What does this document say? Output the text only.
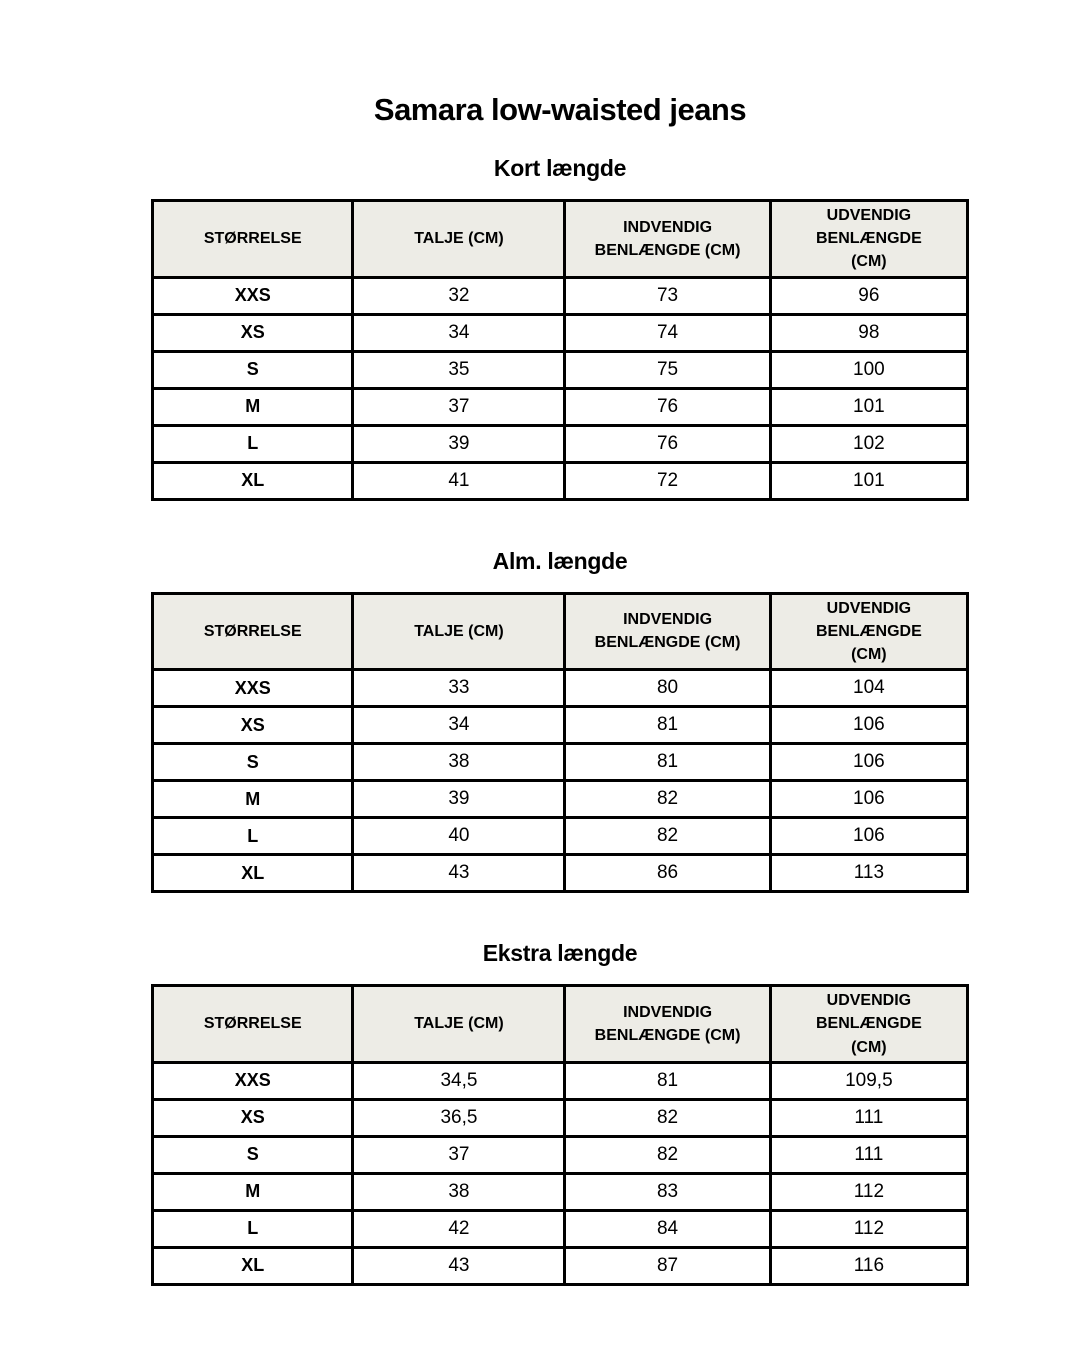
Samara low-waisted jeans
Kort længde
STØRRELSE	TALJE (CM)	INDVENDIG BENLÆNGDE (CM)	UDVENDIG BENLÆNGDE (CM)
XXS	32	73	96
XS	34	74	98
S	35	75	100
M	37	76	101
L	39	76	102
XL	41	72	101
Alm. længde
STØRRELSE	TALJE (CM)	INDVENDIG BENLÆNGDE (CM)	UDVENDIG BENLÆNGDE (CM)
XXS	33	80	104
XS	34	81	106
S	38	81	106
M	39	82	106
L	40	82	106
XL	43	86	113
Ekstra længde
STØRRELSE	TALJE (CM)	INDVENDIG BENLÆNGDE (CM)	UDVENDIG BENLÆNGDE (CM)
XXS	34,5	81	109,5
XS	36,5	82	111
S	37	82	111
M	38	83	112
L	42	84	112
XL	43	87	116
